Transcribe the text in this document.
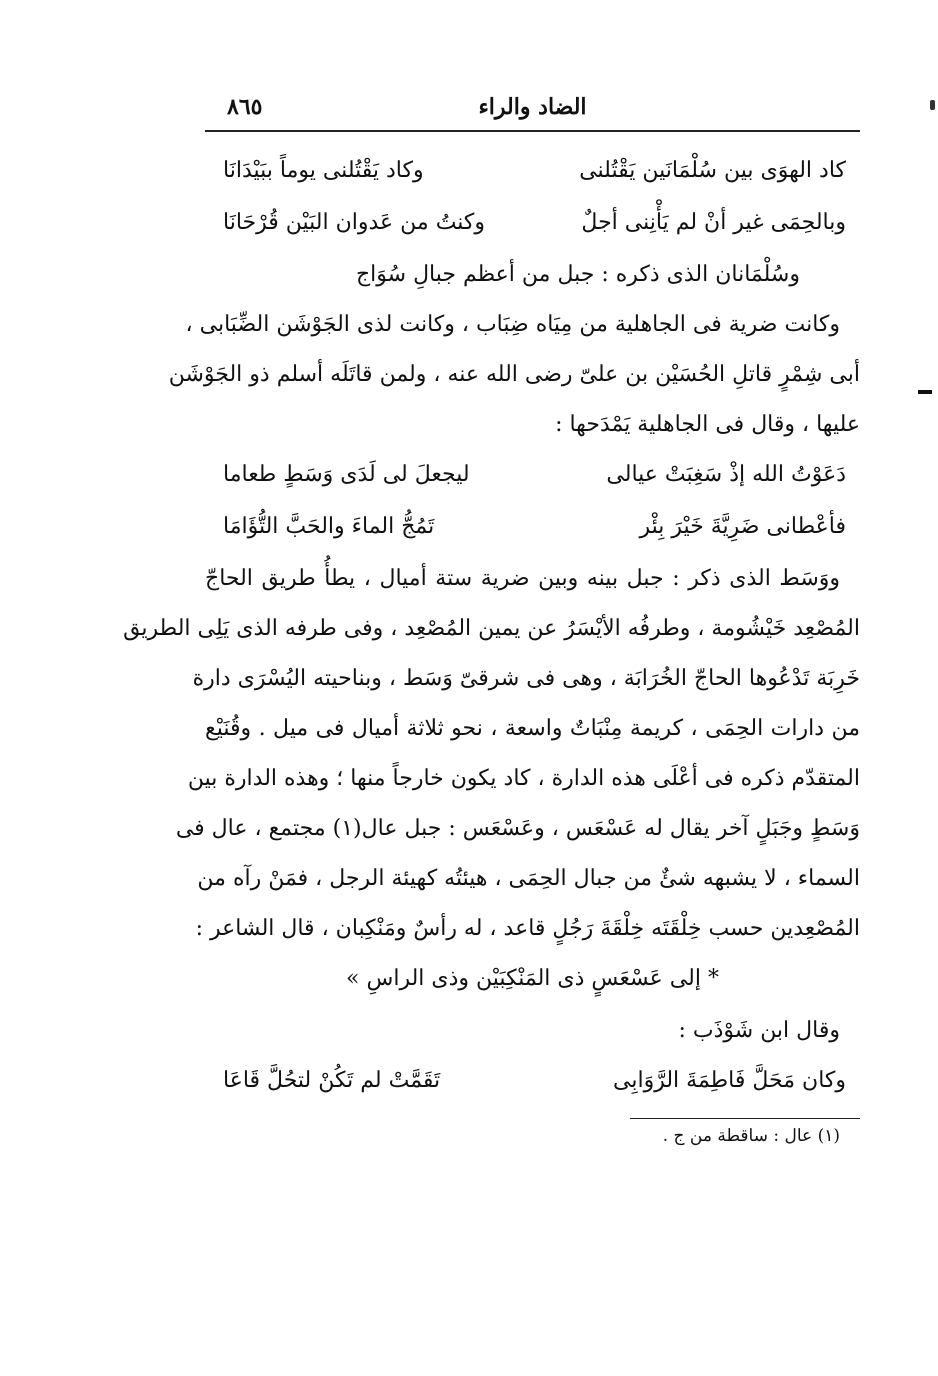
الضاد والراء
٨٦٥
كاد الهوَى بين سُلْمَانَين يَقْتُلنى
وكاد يَقْتُلنى يوماً ببَيْدَانَا
وبالحِمَى غير أنْ لم يَأْنِنى أجلٌ
وكنتُ من عَدوان البَيْن قُرْحَانَا
وسُلْمَانان الذى ذكره : جبل من أعظم جبالِ سُوَاج
وكانت ضرية فى الجاهلية من مِيَاه ضِبَاب ، وكانت لذى الجَوْشَن الضِّبَابى ،
أبى شِمْرٍ قاتلِ الحُسَيْن بن علىّ رضى الله عنه ، ولمن قاتَلَه أسلم ذو الجَوْشَن
عليها ، وقال فى الجاهلية يَمْدَحها :
دَعَوْتُ الله إذْ سَغِبَتْ عيالى
ليجعلَ لى لَدَى وَسَطٍ طعاما
فأعْطانى ضَرِيَّةَ خَيْرَ بِئْر
تَمُجُّ الماءَ والحَبَّ التُّؤَامَا
ووَسَط الذى ذكر : جبل بينه وبين ضرية ستة أميال ، يطأُ طريق الحاجّ
المُصْعِد خَيْشُومة ، وطرفُه الأيْسَرُ عن يمين المُصْعِد ، وفى طرفه الذى يَلِى الطريق
خَرِبَة تَدْعُوها الحاجّ الخُرَابَة ، وهى فى شرقىّ وَسَط ، وبناحيته اليُسْرَى دارة
من دارات الحِمَى ، كريمة مِنْبَاتٌ واسعة ، نحو ثلاثة أميال فى ميل . وقُنَيْع
المتقدّم ذكره فى أعْلَى هذه الدارة ، كاد يكون خارجاً منها ؛ وهذه الدارة بين
وَسَطٍ وجَبَلٍ آخر يقال له عَسْعَس ، وعَسْعَس : جبل عال(١) مجتمع ، عال فى
السماء ، لا يشبهه شئٌ من جبال الحِمَى ، هيئتُه كهيئة الرجل ، فمَنْ رآه من
المُصْعِدين حسب خِلْقَتَه خِلْقَةَ رَجُلٍ قاعد ، له رأسٌ ومَنْكِبان ، قال الشاعر :
* إلى عَسْعَسٍ ذى المَنْكِبَيْن وذى الراسِ »
وقال ابن شَوْذَب :
وكان مَحَلَّ فَاطِمَةَ الرَّوَابِى
تَقَمَّتْ لم تَكُنْ لتحُلَّ قَاعَا
(١) عال : ساقطة من ج .
